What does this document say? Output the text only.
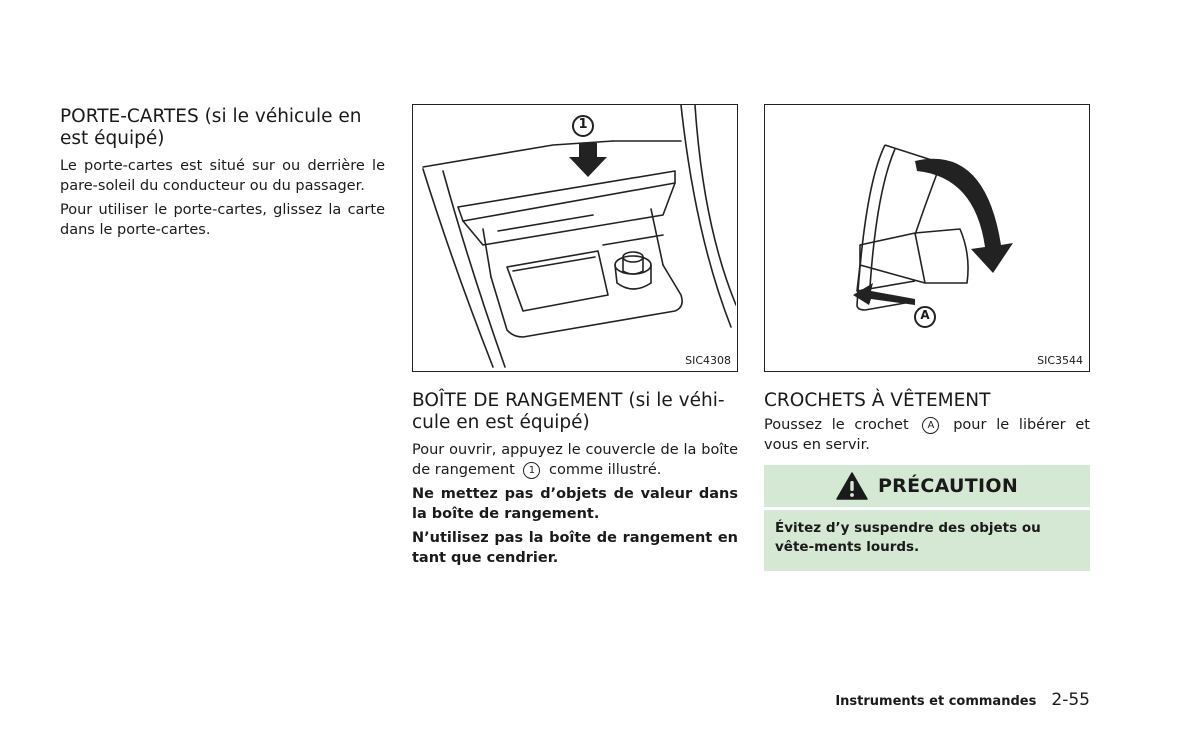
PORTE-CARTES (si le véhicule en est équipé)

Le porte-cartes est situé sur ou derrière le pare-soleil du conducteur ou du passager.

Pour utiliser le porte-cartes, glissez la carte dans le porte-cartes.

1
SIC4308
BOÎTE DE RANGEMENT (si le véhi-cule en est équipé)

Pour ouvrir, appuyez le couvercle de la boîte de rangement 1 comme illustré.

Ne mettez pas d’objets de valeur dans la boîte de rangement.

N’utilisez pas la boîte de rangement en tant que cendrier.

A
SIC3544
CROCHETS À VÊTEMENT

Poussez le crochet A pour le libérer et vous en servir.

PRÉCAUTION
Évitez d’y suspendre des objets ou vête-ments lourds.
Instruments et commandes 2-55
